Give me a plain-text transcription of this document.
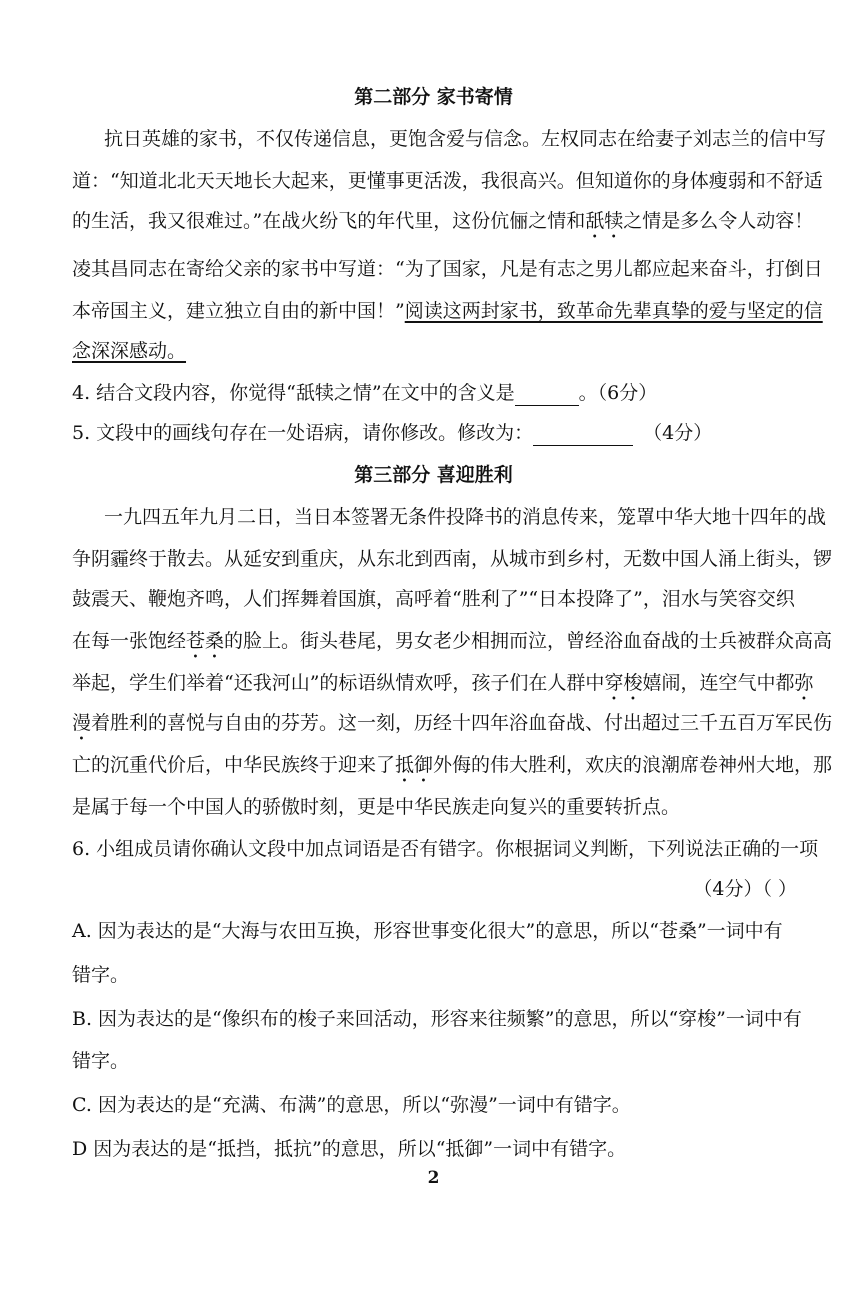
第二部分 家书寄情
抗日英雄的家书，不仅传递信息，更饱含爱与信念。左权同志在给妻子刘志兰的信中写
道：“知道北北天天地长大起来，更懂事更活泼，我很高兴。但知道你的身体瘦弱和不舒适
的生活，我又很难过。”在战火纷飞的年代里，这份伉俪之情和舐犊之情是多么令人动容！
凌其昌同志在寄给父亲的家书中写道：“为了国家，凡是有志之男儿都应起来奋斗，打倒日
本帝国主义，建立独立自由的新中国！”阅读这两封家书，致革命先辈真挚的爱与坚定的信
念深深感动。
4. 结合文段内容，你觉得“舐犊之情”在文中的含义是	。（6分）
5. 文段中的画线句存在一处语病，请你修改。修改为：	（4分）
第三部分 喜迎胜利
一九四五年九月二日，当日本签署无条件投降书的消息传来，笼罩中华大地十四年的战
争阴霾终于散去。从延安到重庆，从东北到西南，从城市到乡村，无数中国人涌上街头，锣
鼓震天、鞭炮齐鸣，人们挥舞着国旗，高呼着“胜利了”“日本投降了”，泪水与笑容交织
在每一张饱经苍桑的脸上。街头巷尾，男女老少相拥而泣，曾经浴血奋战的士兵被群众高高
举起，学生们举着“还我河山”的标语纵情欢呼，孩子们在人群中穿梭嬉闹，连空气中都弥
漫着胜利的喜悦与自由的芬芳。这一刻，历经十四年浴血奋战、付出超过三千五百万军民伤
亡的沉重代价后，中华民族终于迎来了抵御外侮的伟大胜利，欢庆的浪潮席卷神州大地，那
是属于每一个中国人的骄傲时刻，更是中华民族走向复兴的重要转折点。
6. 小组成员请你确认文段中加点词语是否有错字。你根据词义判断，下列说法正确的一项
（4分）（ ）
A. 因为表达的是“大海与农田互换，形容世事变化很大”的意思，所以“苍桑”一词中有
错字。
B. 因为表达的是“像织布的梭子来回活动，形容来往频繁”的意思，所以“穿梭”一词中有
错字。
C. 因为表达的是“充满、布满”的意思，所以“弥漫”一词中有错字。
D 因为表达的是“抵挡，抵抗”的意思，所以“抵御”一词中有错字。
2
